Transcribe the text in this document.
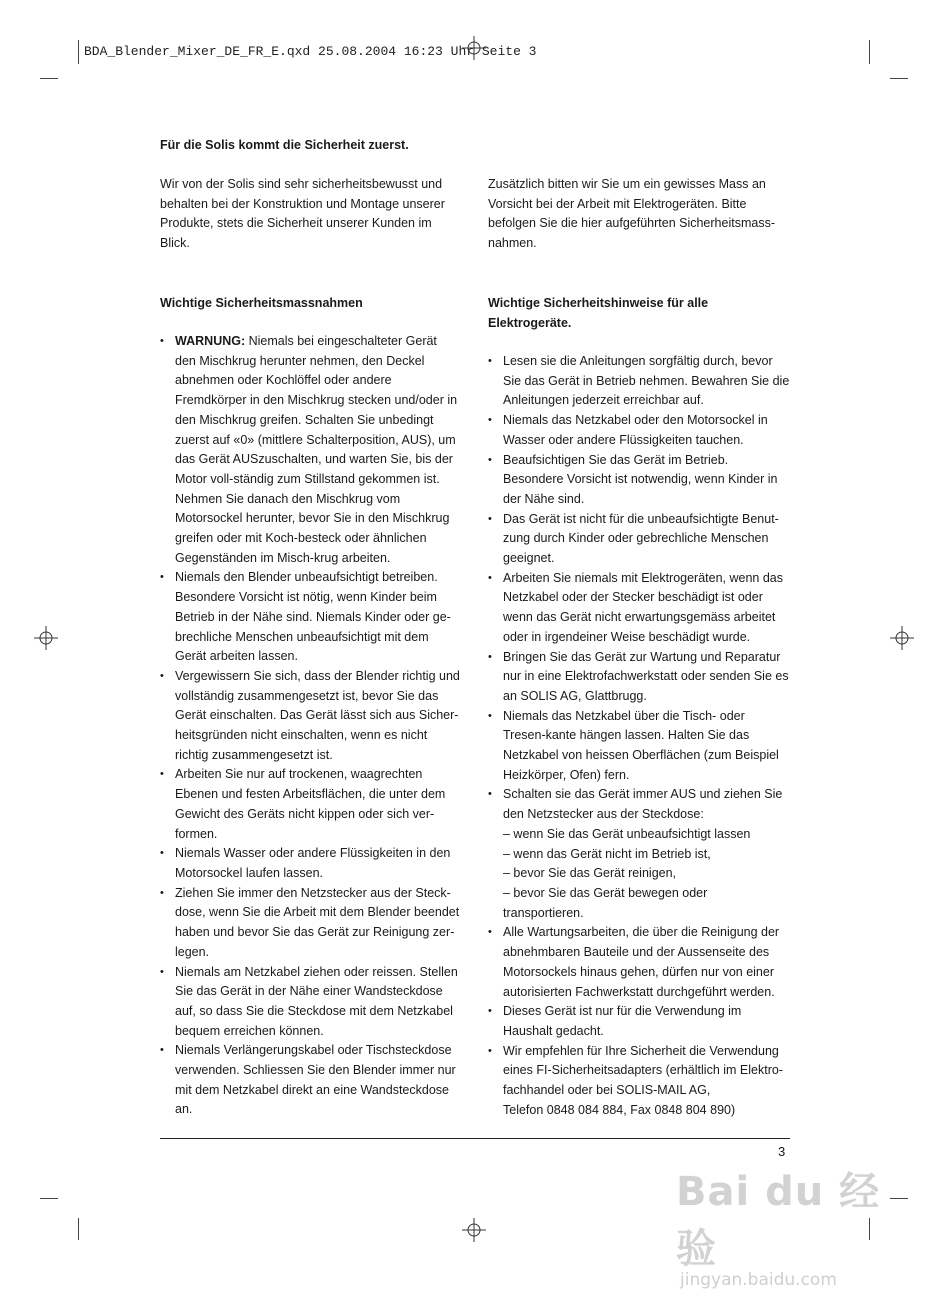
BDA_Blender_Mixer_DE_FR_E.qxd 25.08.2004 16:23 Uhr Seite 3
Für die Solis kommt die Sicherheit zuerst.

Wir von der Solis sind sehr sicherheitsbewusst und behalten bei der Konstruktion und Montage unserer Produkte, stets die Sicherheit unserer Kunden im Blick.

Zusätzlich bitten wir Sie um ein gewisses Mass an Vorsicht bei der Arbeit mit Elektrogeräten. Bitte befolgen Sie die hier aufgeführten Sicherheitsmass-nahmen.

Wichtige Sicherheitsmassnahmen
• WARNUNG: Niemals bei eingeschalteter Gerät den Mischkrug herunter nehmen, den Deckel abnehmen oder Kochlöffel oder andere Fremdkörper in den Mischkrug stecken und/oder in den Mischkrug greifen. Schalten Sie unbedingt zuerst auf «0» (mittlere Schalterposition, AUS), um das Gerät AUSzuschalten, und warten Sie, bis der Motor voll-ständig zum Stillstand gekommen ist. Nehmen Sie danach den Mischkrug vom Motorsockel herunter, bevor Sie in den Mischkrug greifen oder mit Koch-besteck oder ähnlichen Gegenständen im Misch-krug arbeiten.
• Niemals den Blender unbeaufsichtigt betreiben. Besondere Vorsicht ist nötig, wenn Kinder beim Betrieb in der Nähe sind. Niemals Kinder oder ge-brechliche Menschen unbeaufsichtigt mit dem Gerät arbeiten lassen.
• Vergewissern Sie sich, dass der Blender richtig und vollständig zusammengesetzt ist, bevor Sie das Gerät einschalten. Das Gerät lässt sich aus Sicher-heitsgründen nicht einschalten, wenn es nicht richtig zusammengesetzt ist.
• Arbeiten Sie nur auf trockenen, waagrechten Ebenen und festen Arbeitsflächen, die unter dem Gewicht des Geräts nicht kippen oder sich ver-formen.
• Niemals Wasser oder andere Flüssigkeiten in den Motorsockel laufen lassen.
• Ziehen Sie immer den Netzstecker aus der Steck-dose, wenn Sie die Arbeit mit dem Blender beendet haben und bevor Sie das Gerät zur Reinigung zer-legen.
• Niemals am Netzkabel ziehen oder reissen. Stellen Sie das Gerät in der Nähe einer Wandsteckdose auf, so dass Sie die Steckdose mit dem Netzkabel bequem erreichen können.
• Niemals Verlängerungskabel oder Tischsteckdose verwenden. Schliessen Sie den Blender immer nur mit dem Netzkabel direkt an eine Wandsteckdose an.
Wichtige Sicherheitshinweise für alle Elektrogeräte.
• Lesen sie die Anleitungen sorgfältig durch, bevor Sie das Gerät in Betrieb nehmen. Bewahren Sie die Anleitungen jederzeit erreichbar auf.
• Niemals das Netzkabel oder den Motorsockel in Wasser oder andere Flüssigkeiten tauchen.
• Beaufsichtigen Sie das Gerät im Betrieb. Besondere Vorsicht ist notwendig, wenn Kinder in der Nähe sind.
• Das Gerät ist nicht für die unbeaufsichtigte Benut-zung durch Kinder oder gebrechliche Menschen geeignet.
• Arbeiten Sie niemals mit Elektrogeräten, wenn das Netzkabel oder der Stecker beschädigt ist oder wenn das Gerät nicht erwartungsgemäss arbeitet oder in irgendeiner Weise beschädigt wurde.
• Bringen Sie das Gerät zur Wartung und Reparatur nur in eine Elektrofachwerkstatt oder senden Sie es an SOLIS AG, Glattbrugg.
• Niemals das Netzkabel über die Tisch- oder Tresen-kante hängen lassen. Halten Sie das Netzkabel von heissen Oberflächen (zum Beispiel Heizkörper, Ofen) fern.
• Schalten sie das Gerät immer AUS und ziehen Sie den Netzstecker aus der Steckdose:
– wenn Sie das Gerät unbeaufsichtigt lassen
– wenn das Gerät nicht im Betrieb ist,
– bevor Sie das Gerät reinigen,
– bevor Sie das Gerät bewegen oder transportieren.
• Alle Wartungsarbeiten, die über die Reinigung der abnehmbaren Bauteile und der Aussenseite des Motorsockels hinaus gehen, dürfen nur von einer autorisierten Fachwerkstatt durchgeführt werden.
• Dieses Gerät ist nur für die Verwendung im Haushalt gedacht.
• Wir empfehlen für Ihre Sicherheit die Verwendung eines FI-Sicherheitsadapters (erhältlich im Elektro-fachhandel oder bei SOLIS-MAIL AG,
Telefon 0848 084 884, Fax 0848 804 890)
3
Bai du 经验
jingyan.baidu.com
